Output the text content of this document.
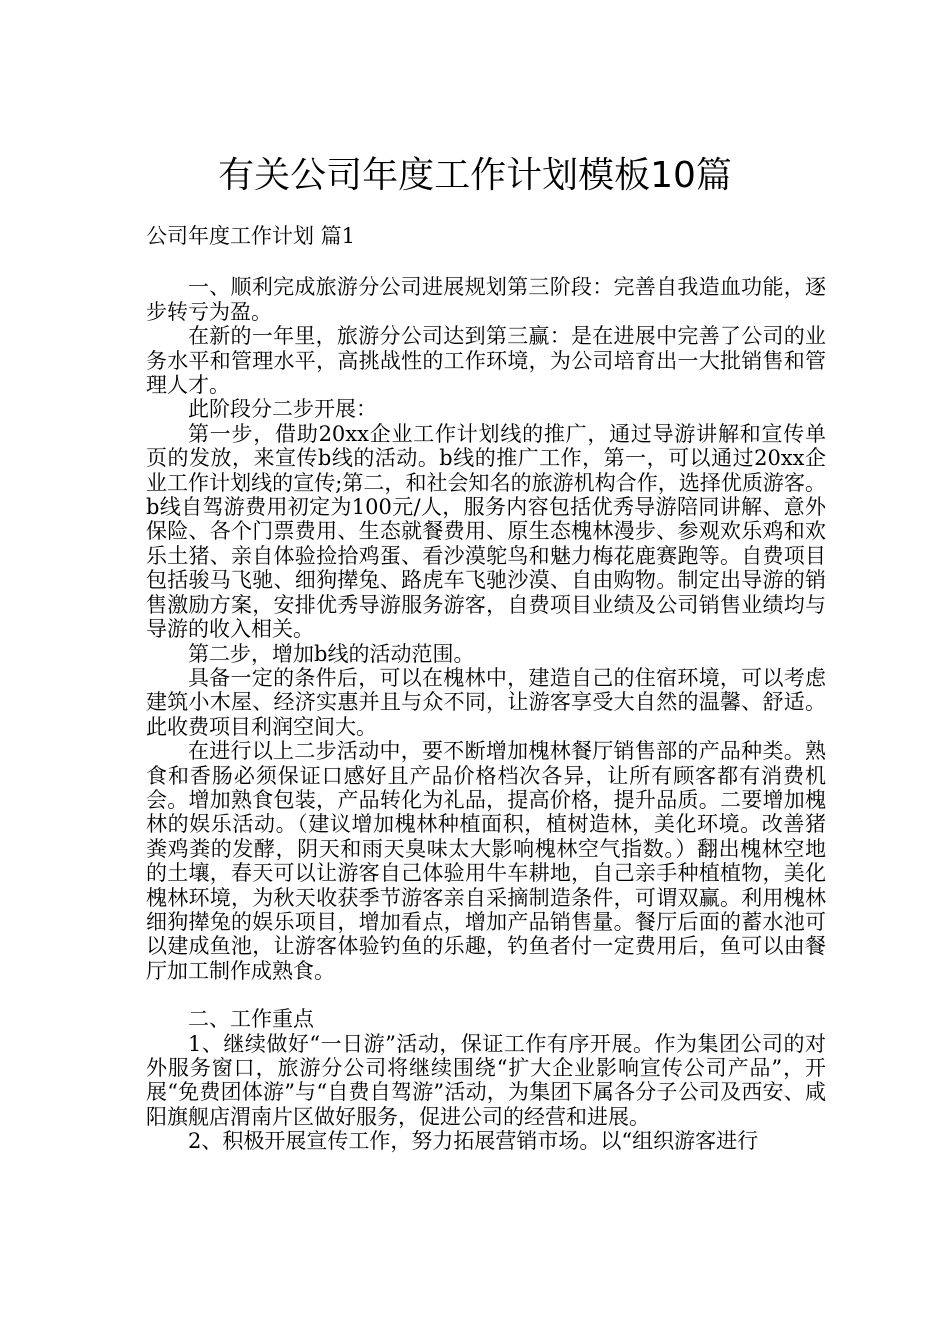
有关公司年度工作计划模板10篇

公司年度工作计划 篇1

一、顺利完成旅游分公司进展规划第三阶段：完善自我造血功能，逐步转亏为盈。

在新的一年里，旅游分公司达到第三赢：是在进展中完善了公司的业务水平和管理水平，高挑战性的工作环境，为公司培育出一大批销售和管理人才。

此阶段分二步开展：

第一步，借助20xx企业工作计划线的推广，通过导游讲解和宣传单页的发放，来宣传b线的活动。b线的推广工作，第一，可以通过20xx企业工作计划线的宣传;第二，和社会知名的旅游机构合作，选择优质游客。b线自驾游费用初定为100元/人，服务内容包括优秀导游陪同讲解、意外保险、各个门票费用、生态就餐费用、原生态槐林漫步、参观欢乐鸡和欢乐土猪、亲自体验捡拾鸡蛋、看沙漠鸵鸟和魅力梅花鹿赛跑等。自费项目包括骏马飞驰、细狗撵兔、路虎车飞驰沙漠、自由购物。制定出导游的销售激励方案，安排优秀导游服务游客，自费项目业绩及公司销售业绩均与导游的收入相关。

第二步，增加b线的活动范围。

具备一定的条件后，可以在槐林中，建造自己的住宿环境，可以考虑建筑小木屋、经济实惠并且与众不同，让游客享受大自然的温馨、舒适。此收费项目利润空间大。

在进行以上二步活动中，要不断增加槐林餐厅销售部的产品种类。熟食和香肠必须保证口感好且产品价格档次各异，让所有顾客都有消费机会。增加熟食包装，产品转化为礼品，提高价格，提升品质。二要增加槐林的娱乐活动。（建议增加槐林种植面积，植树造林，美化环境。改善猪粪鸡粪的发酵，阴天和雨天臭味太大影响槐林空气指数。）翻出槐林空地的土壤，春天可以让游客自己体验用牛车耕地，自己亲手种植植物，美化槐林环境，为秋天收获季节游客亲自采摘制造条件，可谓双赢。利用槐林细狗撵兔的娱乐项目，增加看点，增加产品销售量。餐厅后面的蓄水池可以建成鱼池，让游客体验钓鱼的乐趣，钓鱼者付一定费用后，鱼可以由餐厅加工制作成熟食。

二、工作重点

1、继续做好“一日游”活动，保证工作有序开展。作为集团公司的对外服务窗口，旅游分公司将继续围绕“扩大企业影响宣传公司产品”，开展“免费团体游”与“自费自驾游”活动，为集团下属各分子公司及西安、咸阳旗舰店渭南片区做好服务，促进公司的经营和进展。

2、积极开展宣传工作，努力拓展营销市场。以“组织游客进行
